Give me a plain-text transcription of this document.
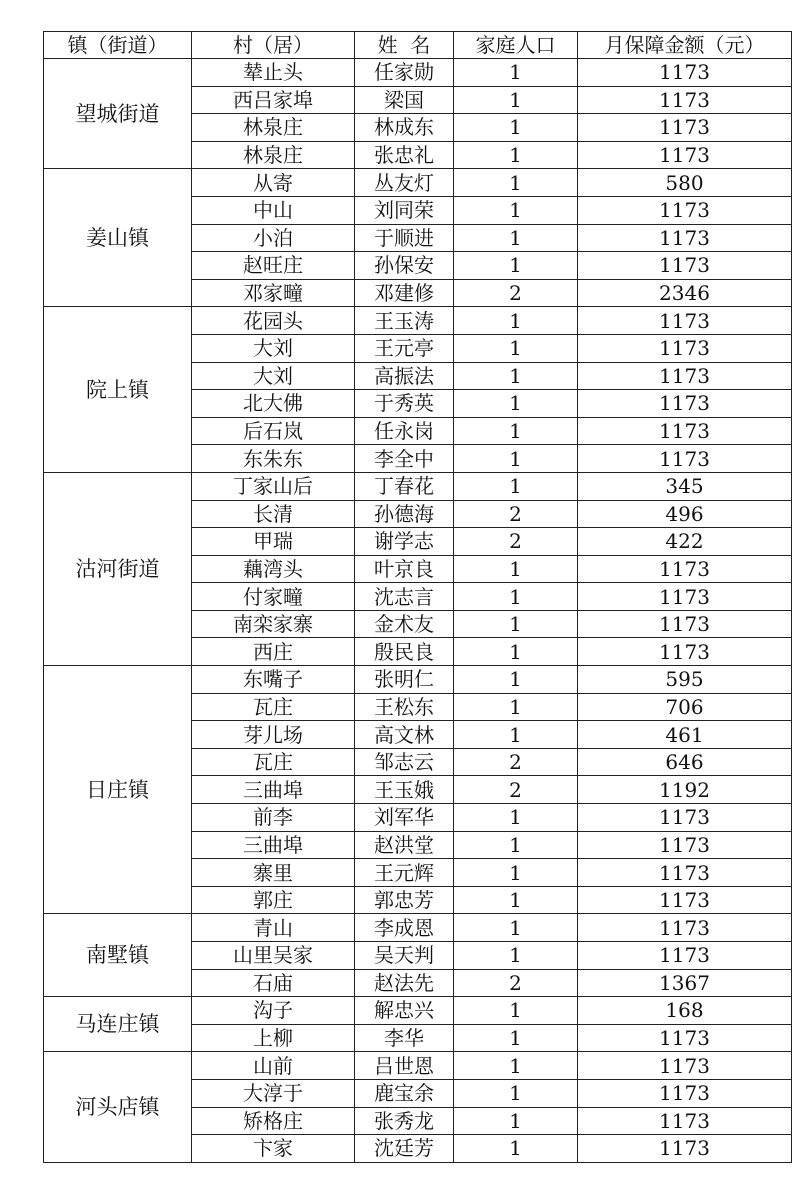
镇（街道）	村（居）	姓  名	家庭人口	月保障金额（元）
望城街道	辇止头	任家勋	1	1173
	西吕家埠	梁国	1	1173
	林泉庄	林成东	1	1173
	林泉庄	张忠礼	1	1173
姜山镇	从寄	丛友灯	1	580
	中山	刘同荣	1	1173
	小泊	于顺进	1	1173
	赵旺庄	孙保安	1	1173
	邓家疃	邓建修	2	2346
院上镇	花园头	王玉涛	1	1173
	大刘	王元亭	1	1173
	大刘	高振法	1	1173
	北大佛	于秀英	1	1173
	后石岚	任永岗	1	1173
	东朱东	李全中	1	1173
沽河街道	丁家山后	丁春花	1	345
	长清	孙德海	2	496
	甲瑞	谢学志	2	422
	藕湾头	叶京良	1	1173
	付家疃	沈志言	1	1173
	南栾家寨	金术友	1	1173
	西庄	殷民良	1	1173
日庄镇	东嘴子	张明仁	1	595
	瓦庄	王松东	1	706
	芽儿场	高文林	1	461
	瓦庄	邹志云	2	646
	三曲埠	王玉娥	2	1192
	前李	刘军华	1	1173
	三曲埠	赵洪堂	1	1173
	寨里	王元辉	1	1173
	郭庄	郭忠芳	1	1173
南墅镇	青山	李成恩	1	1173
	山里吴家	吴天判	1	1173
	石庙	赵法先	2	1367
马连庄镇	沟子	解忠兴	1	168
	上柳	李华	1	1173
河头店镇	山前	吕世恩	1	1173
	大淳于	鹿宝余	1	1173
	矫格庄	张秀龙	1	1173
	卞家	沈廷芳	1	1173
